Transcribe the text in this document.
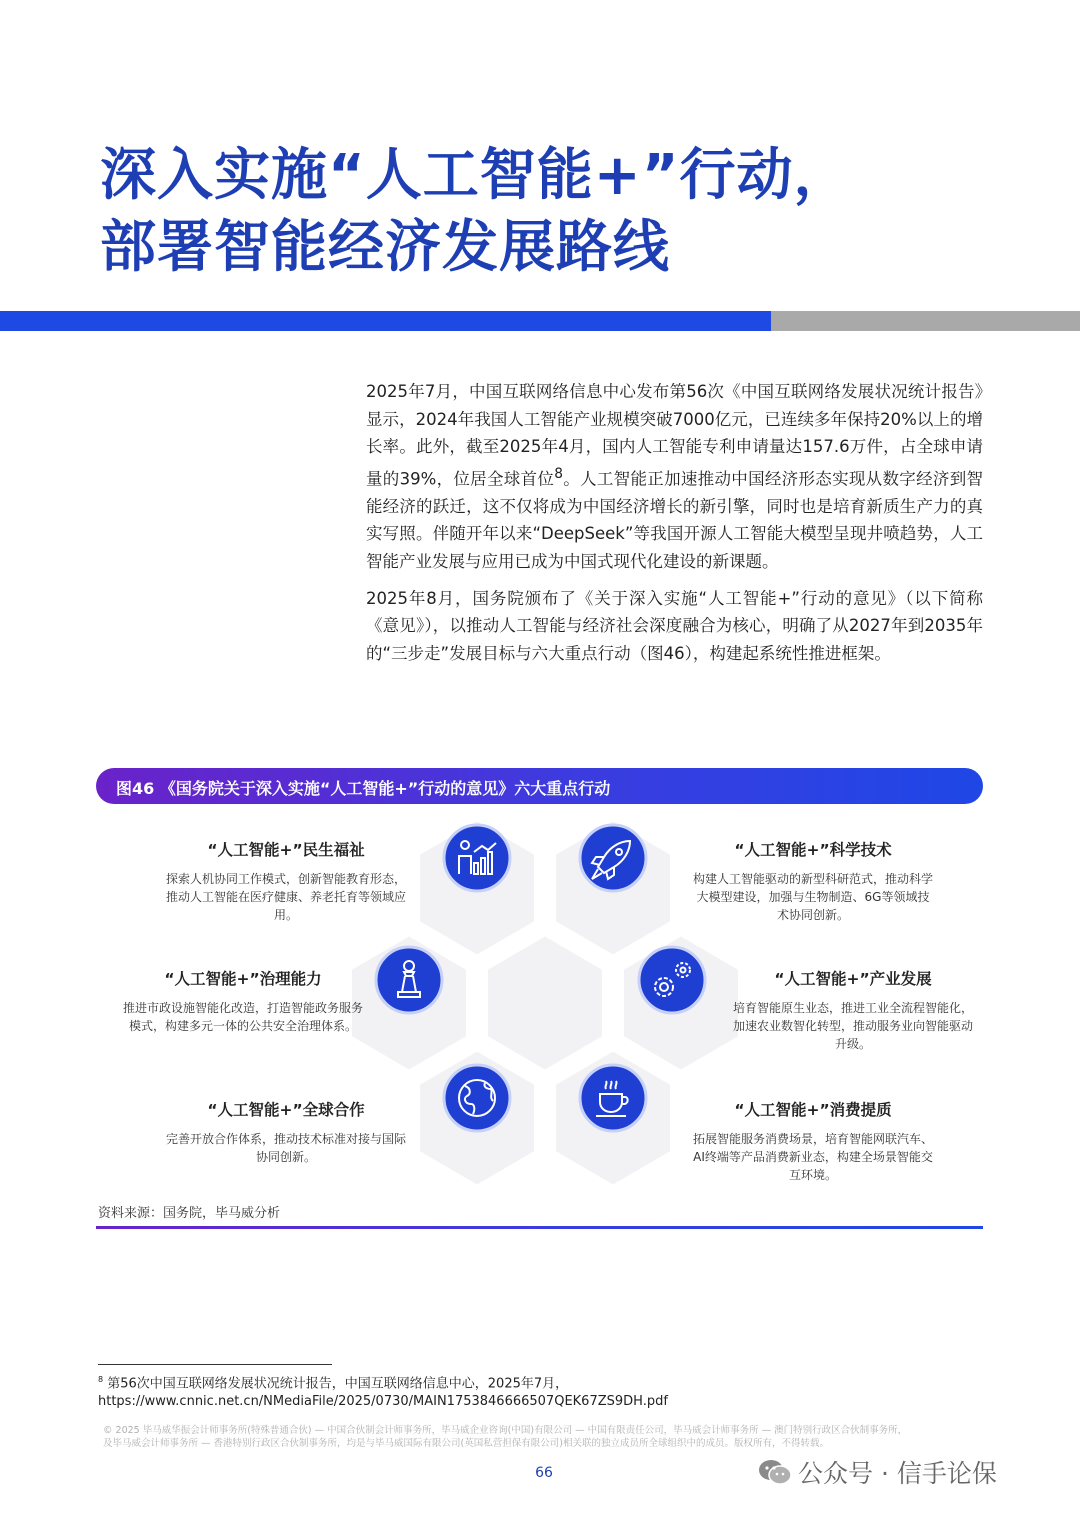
深入实施“人工智能+”行动，
部署智能经济发展路线

2025年7月，中国互联网络信息中心发布第56次《中国互联网络发展状况统计报告》显示，2024年我国人工智能产业规模突破7000亿元，已连续多年保持20%以上的增长率。此外，截至2025年4月，国内人工智能专利申请量达157.6万件，占全球申请量的39%，位居全球首位$^8$。人工智能正加速推动中国经济形态实现从数字经济到智能经济的跃迁，这不仅将成为中国经济增长的新引擎，同时也是培育新质生产力的真实写照。伴随开年以来“DeepSeek”等我国开源人工智能大模型呈现井喷趋势，人工智能产业发展与应用已成为中国式现代化建设的新课题。

2025年8月，国务院颁布了《关于深入实施“人工智能+”行动的意见》（以下简称《意见》），以推动人工智能与经济社会深度融合为核心，明确了从2027年到2035年的“三步走”发展目标与六大重点行动（图46），构建起系统性推进框架。

图46 《国务院关于深入实施“人工智能+”行动的意见》六大重点行动
“人工智能+”民生福祉
探索人机协同工作模式，创新智能教育形态，推动人工智能在医疗健康、养老托育等领域应用。
“人工智能+”科学技术
构建人工智能驱动的新型科研范式，推动科学大模型建设，加强与生物制造、6G等领域技术协同创新。
“人工智能+”治理能力
推进市政设施智能化改造，打造智能政务服务模式，构建多元一体的公共安全治理体系。
“人工智能+”产业发展
培育智能原生业态，推进工业全流程智能化，加速农业数智化转型，推动服务业向智能驱动升级。
“人工智能+”全球合作
完善开放合作体系，推动技术标准对接与国际协同创新。
“人工智能+”消费提质
拓展智能服务消费场景，培育智能网联汽车、AI终端等产品消费新业态，构建全场景智能交互环境。
资料来源：国务院，毕马威分析
$^8$ 第56次中国互联网络发展状况统计报告，中国互联网络信息中心，2025年7月，
https://www.cnnic.net.cn/NMediaFile/2025/0730/MAIN1753846666507QEK67ZS9DH.pdf
© 2025 毕马威华振会计师事务所(特殊普通合伙) — 中国合伙制会计师事务所，毕马威企业咨询(中国)有限公司 — 中国有限责任公司，毕马威会计师事务所 — 澳门特别行政区合伙制事务所，
及毕马威会计师事务所 — 香港特别行政区合伙制事务所，均是与毕马威国际有限公司(英国私营担保有限公司)相关联的独立成员所全球组织中的成员。版权所有，不得转载。
66	公众号 · 信手论保
